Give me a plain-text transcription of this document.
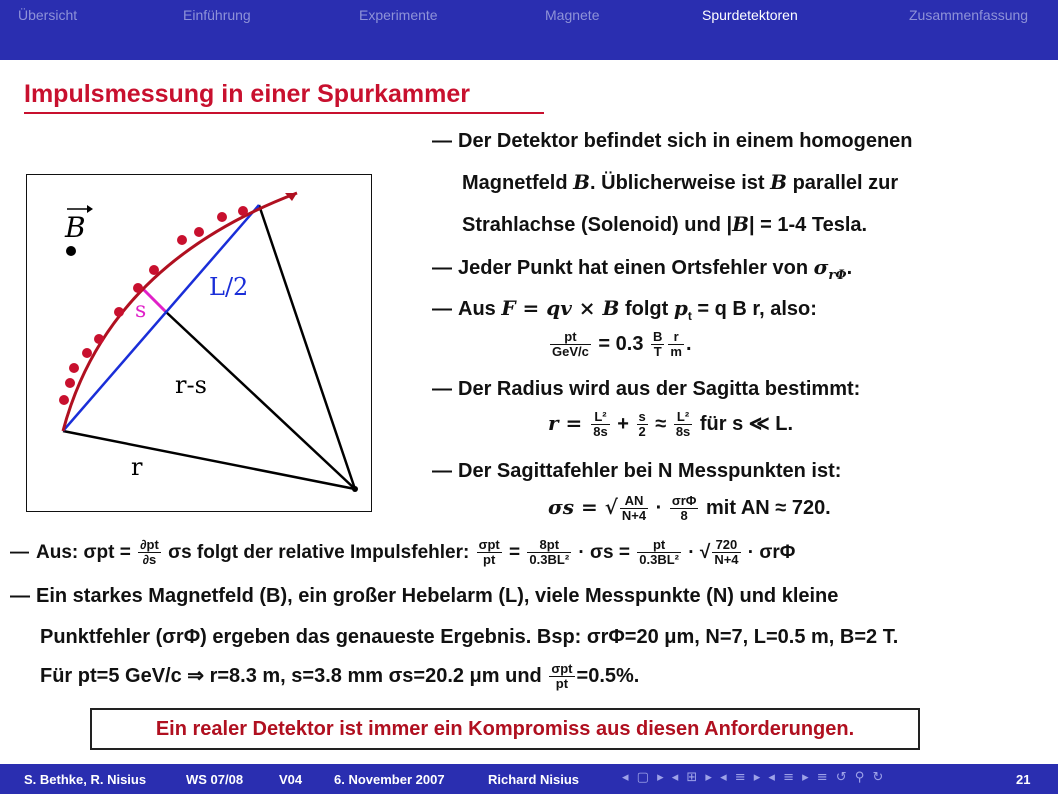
Übersicht	Einführung	Experimente	Magnete	Spurdetektoren	Zusammenfassung
Impulsmessung in einer Spurkammer
B
s
L/2
r-s
r
— Der Detektor befindet sich in einem homogenen
Magnetfeld B. Üblicherweise ist B parallel zur
Strahlachse (Solenoid) und |B| = 1-4 Tesla.
— Jeder Punkt hat einen Ortsfehler von $\sigma_{r\Phi}$.
— Aus F = qv × B folgt $p_t = q$ B r, also:
$\frac{pt}{\text{GeV/c}} = 0.3 \frac{B}{T} \frac{r}{m}$ .
— Der Radius wird aus der Sagitta bestimmt:
$r = \frac{\text{L²}}{8s} + \frac{s}{2} \approx \frac{\text{L²}}{8s}$ für s ≪ L.
— Der Sagittafehler bei N Messpunkten ist:
σs = √ $\frac{AN}{N+4} \cdot \frac{\text{σrΦ}}{8}$ mit AN ≈ 720.
— Aus: $\sigma pt = \frac{\partial pt}{\partial s}$ σs folgt der relative Impulsfehler: $\frac{\text{σpt}}{pt} = \frac{8pt}{\text{0.3BL²}} \cdot \sigma s = \frac{pt}{\text{0.3BL²}}$ · √ $\frac{720}{N+4} \cdot \sigma r\Phi$
— Ein starkes Magnetfeld (B), ein großer Hebelarm (L), viele Messpunkte (N) und kleine
Punktfehler (σrΦ) ergeben das genaueste Ergebnis. Bsp: σrΦ=20 μm, N=7, L=0.5 m, B=2 T.
Für pt=5 GeV/c ⇒ r=8.3 m, s=3.8 mm σs=20.2 μm und $\frac{\text{σpt}}{pt} =0.5\%$.
Ein realer Detektor ist immer ein Kompromiss aus diesen Anforderungen.
S. Bethke, R. Nisius	WS 07/08	V04 6. November 2007	Richard Nisius	◂ ▢ ▸ ◂ ⊞ ▸ ◂ ≡ ▸ ◂ ≡ ▸ ≡ ↺ ⚲ ↻	21
